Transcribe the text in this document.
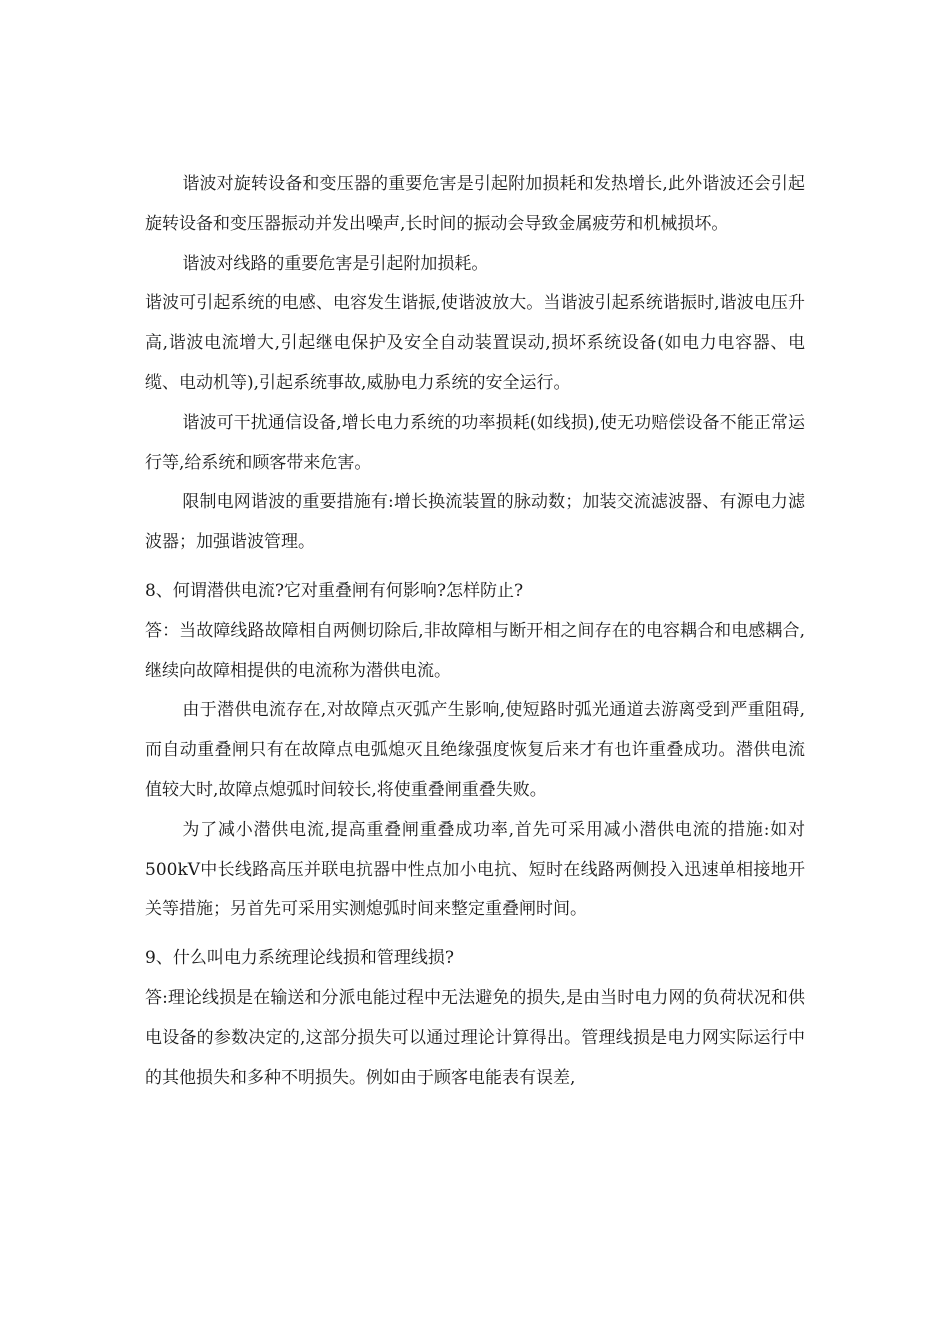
谐波对旋转设备和变压器的重要危害是引起附加损耗和发热增长,此外谐波还会引起旋转设备和变压器振动并发出噪声,长时间的振动会导致金属疲劳和机械损坏。

谐波对线路的重要危害是引起附加损耗。

谐波可引起系统的电感、电容发生谐振,使谐波放大。当谐波引起系统谐振时,谐波电压升高,谐波电流增大,引起继电保护及安全自动装置误动,损坏系统设备(如电力电容器、电缆、电动机等),引起系统事故,威胁电力系统的安全运行。

谐波可干扰通信设备,增长电力系统的功率损耗(如线损),使无功赔偿设备不能正常运行等,给系统和顾客带来危害。

限制电网谐波的重要措施有:增长换流装置的脉动数；加装交流滤波器、有源电力滤波器；加强谐波管理。

8、何谓潜供电流?它对重叠闸有何影响?怎样防止?

答：当故障线路故障相自两侧切除后,非故障相与断开相之间存在的电容耦合和电感耦合,继续向故障相提供的电流称为潜供电流。

由于潜供电流存在,对故障点灭弧产生影响,使短路时弧光通道去游离受到严重阻碍,而自动重叠闸只有在故障点电弧熄灭且绝缘强度恢复后来才有也许重叠成功。潜供电流值较大时,故障点熄弧时间较长,将使重叠闸重叠失败。

为了减小潜供电流,提高重叠闸重叠成功率,首先可采用减小潜供电流的措施:如对500kV中长线路高压并联电抗器中性点加小电抗、短时在线路两侧投入迅速单相接地开关等措施；另首先可采用实测熄弧时间来整定重叠闸时间。

9、什么叫电力系统理论线损和管理线损?

答:理论线损是在输送和分派电能过程中无法避免的损失,是由当时电力网的负荷状况和供电设备的参数决定的,这部分损失可以通过理论计算得出。管理线损是电力网实际运行中的其他损失和多种不明损失。例如由于顾客电能表有误差,
